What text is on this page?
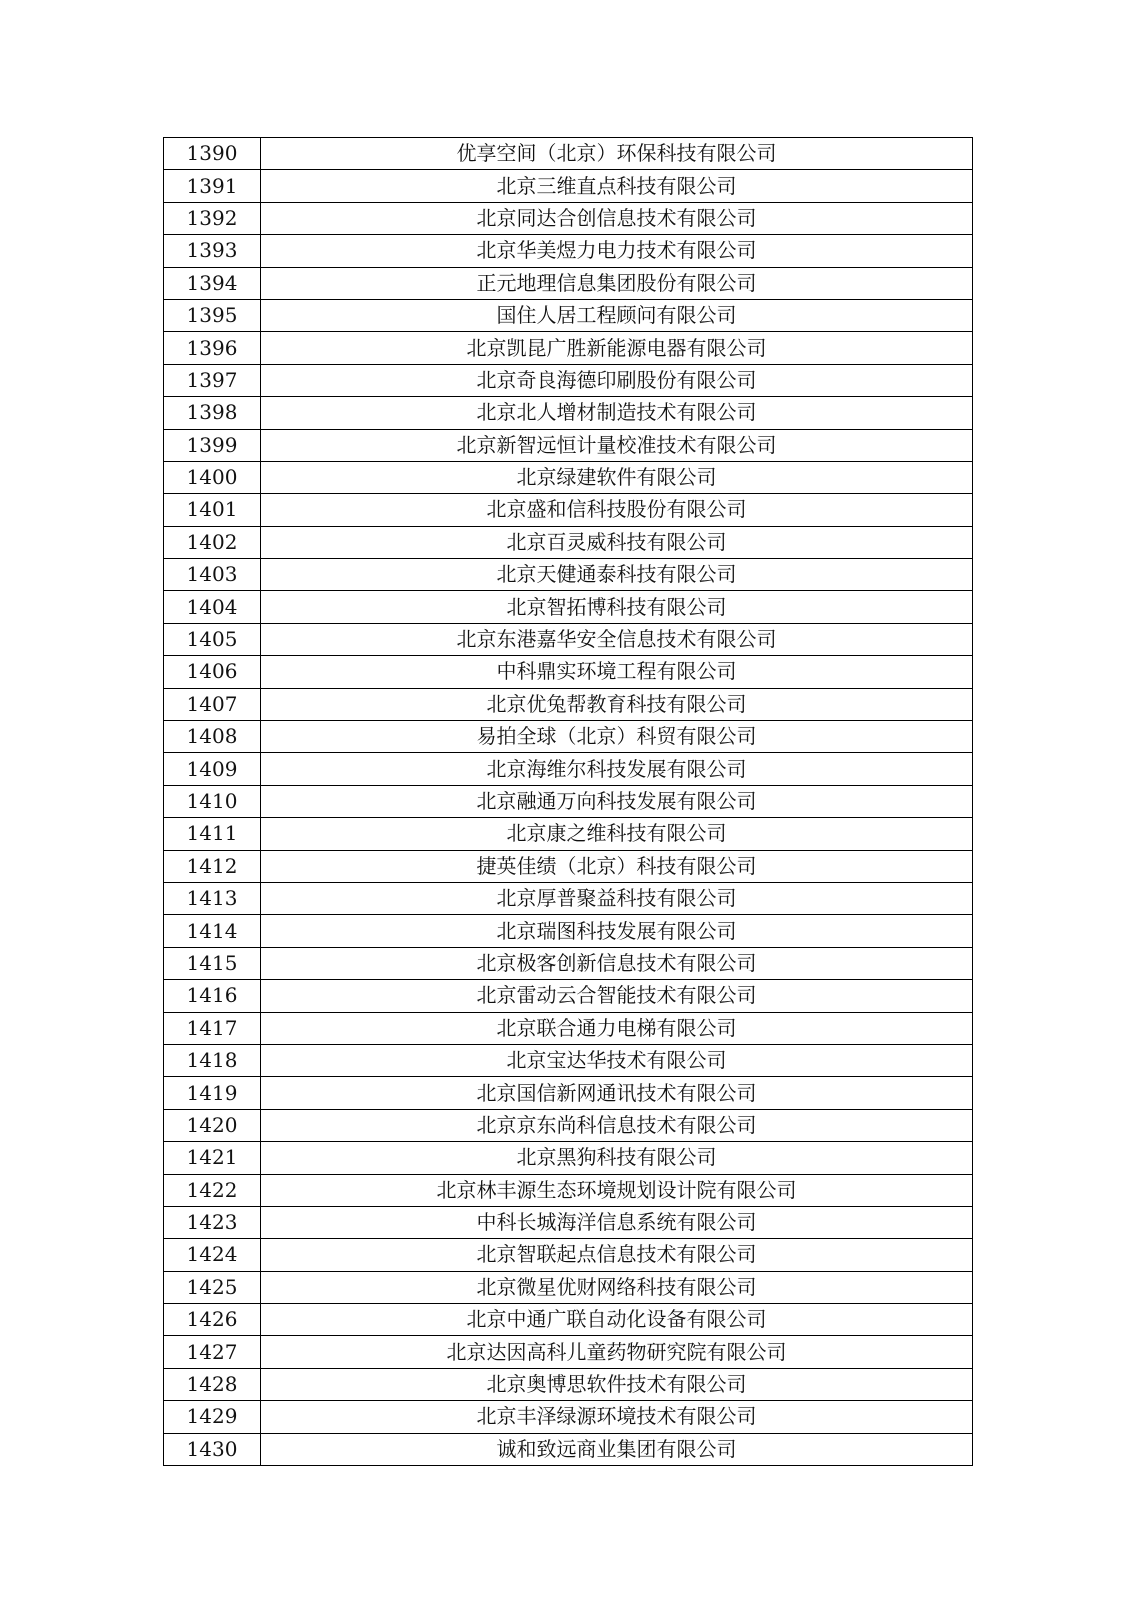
1390	优享空间（北京）环保科技有限公司
1391	北京三维直点科技有限公司
1392	北京同达合创信息技术有限公司
1393	北京华美煜力电力技术有限公司
1394	正元地理信息集团股份有限公司
1395	国住人居工程顾问有限公司
1396	北京凯昆广胜新能源电器有限公司
1397	北京奇良海德印刷股份有限公司
1398	北京北人增材制造技术有限公司
1399	北京新智远恒计量校准技术有限公司
1400	北京绿建软件有限公司
1401	北京盛和信科技股份有限公司
1402	北京百灵威科技有限公司
1403	北京天健通泰科技有限公司
1404	北京智拓博科技有限公司
1405	北京东港嘉华安全信息技术有限公司
1406	中科鼎实环境工程有限公司
1407	北京优兔帮教育科技有限公司
1408	易拍全球（北京）科贸有限公司
1409	北京海维尔科技发展有限公司
1410	北京融通万向科技发展有限公司
1411	北京康之维科技有限公司
1412	捷英佳绩（北京）科技有限公司
1413	北京厚普聚益科技有限公司
1414	北京瑞图科技发展有限公司
1415	北京极客创新信息技术有限公司
1416	北京雷动云合智能技术有限公司
1417	北京联合通力电梯有限公司
1418	北京宝达华技术有限公司
1419	北京国信新网通讯技术有限公司
1420	北京京东尚科信息技术有限公司
1421	北京黑狗科技有限公司
1422	北京林丰源生态环境规划设计院有限公司
1423	中科长城海洋信息系统有限公司
1424	北京智联起点信息技术有限公司
1425	北京微星优财网络科技有限公司
1426	北京中通广联自动化设备有限公司
1427	北京达因高科儿童药物研究院有限公司
1428	北京奥博思软件技术有限公司
1429	北京丰泽绿源环境技术有限公司
1430	诚和致远商业集团有限公司
